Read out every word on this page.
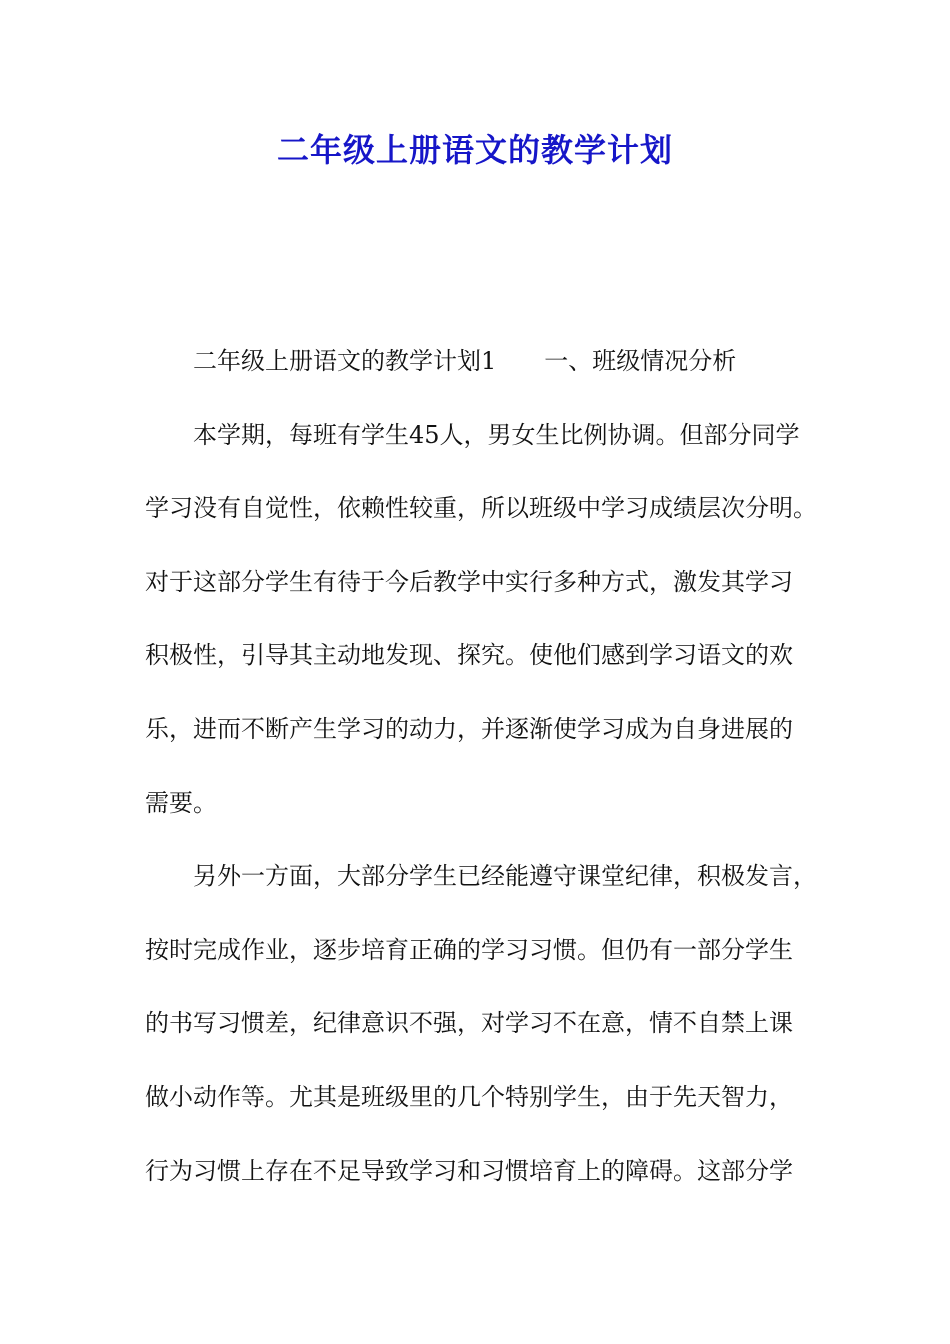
二年级上册语文的教学计划

二年级上册语文的教学计划1 一、班级情况分析

本学期，每班有学生45人，男女生比例协调。但部分同学

学习没有自觉性，依赖性较重，所以班级中学习成绩层次分明。

对于这部分学生有待于今后教学中实行多种方式，激发其学习

积极性，引导其主动地发现、探究。使他们感到学习语文的欢

乐，进而不断产生学习的动力，并逐渐使学习成为自身进展的

需要。

另外一方面，大部分学生已经能遵守课堂纪律，积极发言，

按时完成作业，逐步培育正确的学习习惯。但仍有一部分学生

的书写习惯差，纪律意识不强，对学习不在意，情不自禁上课

做小动作等。尤其是班级里的几个特别学生，由于先天智力，

行为习惯上存在不足导致学习和习惯培育上的障碍。这部分学
